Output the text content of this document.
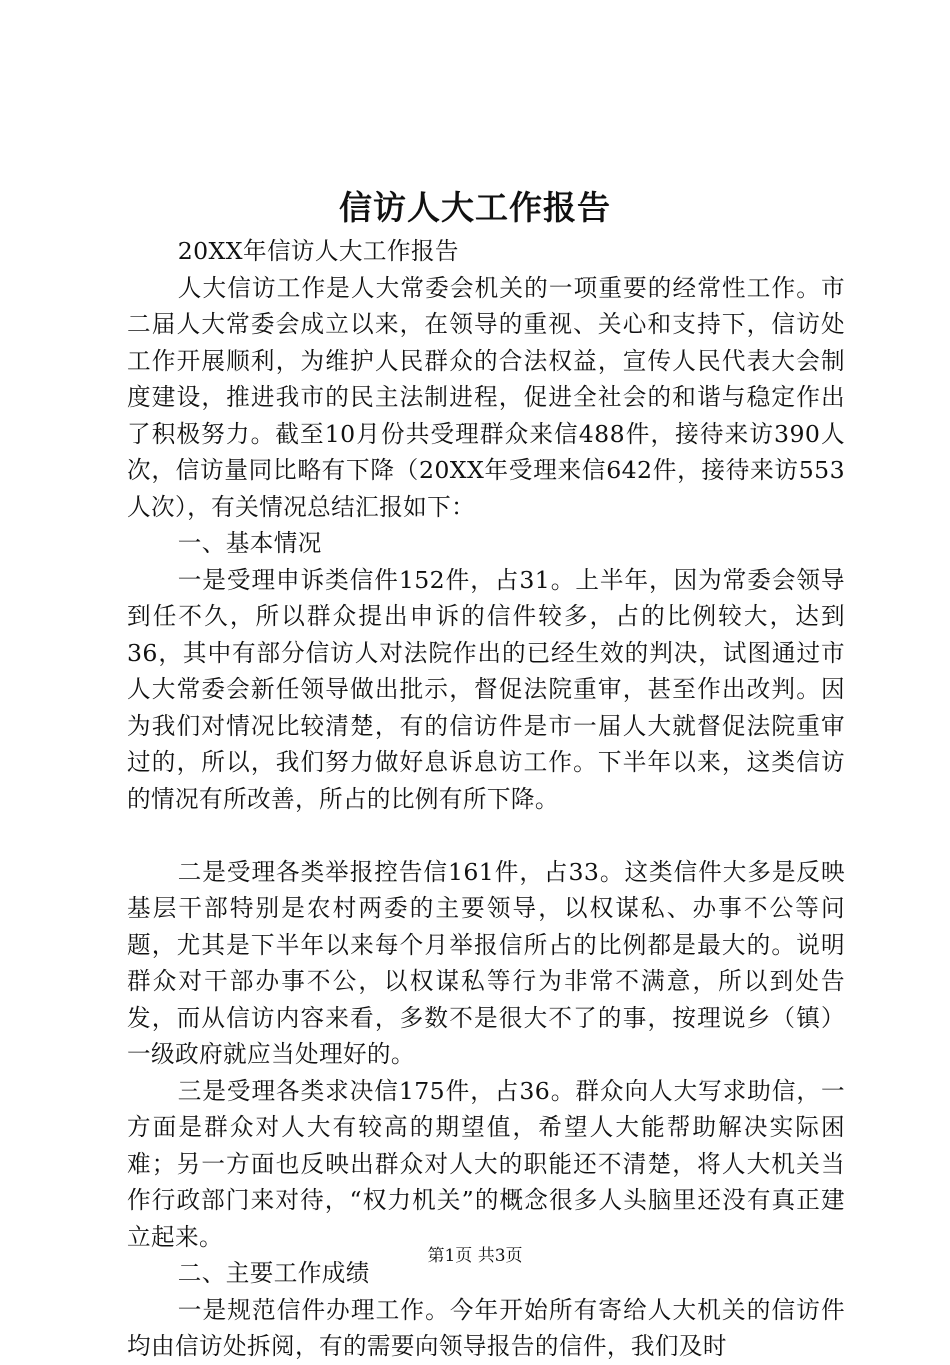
信访人大工作报告

20XX年信访人大工作报告

人大信访工作是人大常委会机关的一项重要的经常性工作。市二届人大常委会成立以来，在领导的重视、关心和支持下，信访处工作开展顺利，为维护人民群众的合法权益，宣传人民代表大会制度建设，推进我市的民主法制进程，促进全社会的和谐与稳定作出了积极努力。截至10月份共受理群众来信488件，接待来访390人次，信访量同比略有下降（20XX年受理来信642件，接待来访553人次），有关情况总结汇报如下：

一、基本情况

一是受理申诉类信件152件，占31。上半年，因为常委会领导到任不久，所以群众提出申诉的信件较多，占的比例较大，达到36，其中有部分信访人对法院作出的已经生效的判决，试图通过市人大常委会新任领导做出批示，督促法院重审，甚至作出改判。因为我们对情况比较清楚，有的信访件是市一届人大就督促法院重审过的，所以，我们努力做好息诉息访工作。下半年以来，这类信访的情况有所改善，所占的比例有所下降。

二是受理各类举报控告信161件，占33。这类信件大多是反映基层干部特别是农村两委的主要领导，以权谋私、办事不公等问题，尤其是下半年以来每个月举报信所占的比例都是最大的。说明群众对干部办事不公，以权谋私等行为非常不满意，所以到处告发，而从信访内容来看，多数不是很大不了的事，按理说乡（镇）一级政府就应当处理好的。

三是受理各类求决信175件，占36。群众向人大写求助信，一方面是群众对人大有较高的期望值，希望人大能帮助解决实际困难；另一方面也反映出群众对人大的职能还不清楚，将人大机关当作行政部门来对待，“权力机关”的概念很多人头脑里还没有真正建立起来。

二、主要工作成绩

一是规范信件办理工作。今年开始所有寄给人大机关的信访件均由信访处拆阅，有的需要向领导报告的信件，我们及时

第1页 共3页
